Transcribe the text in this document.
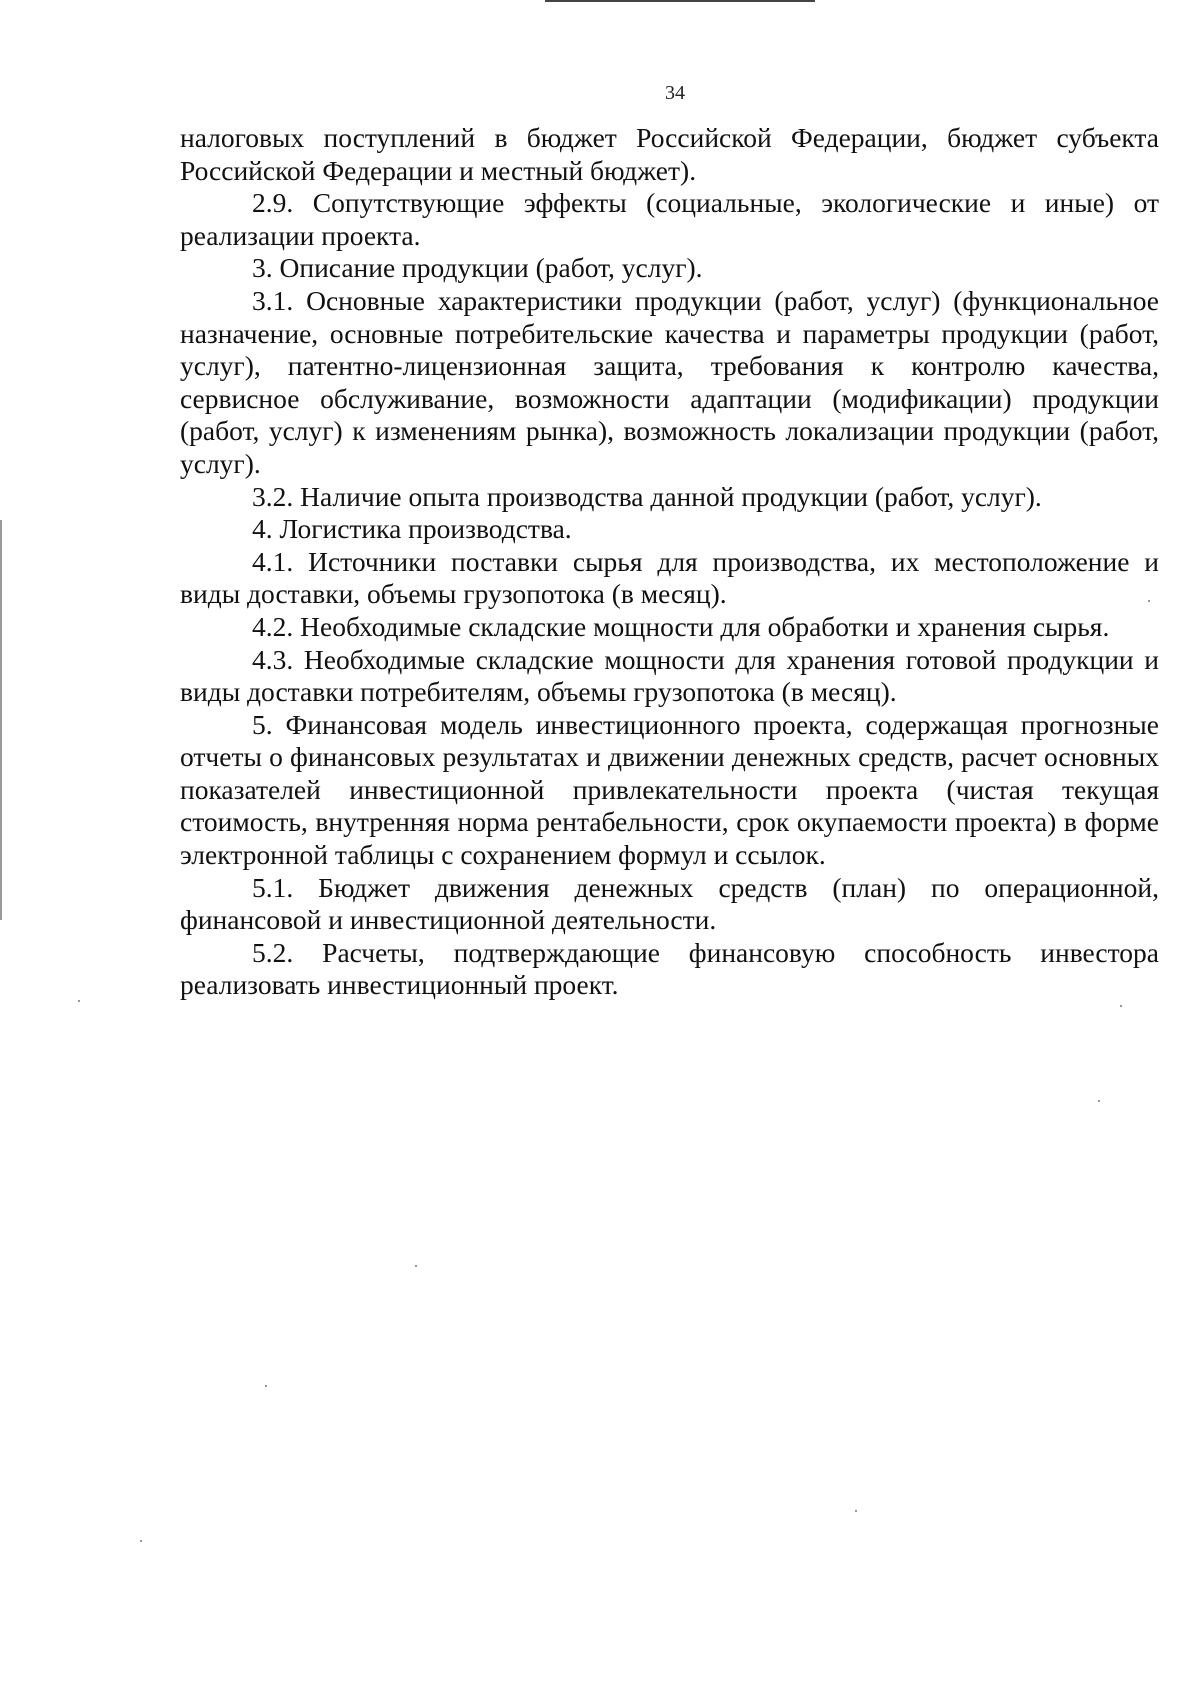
34

налоговых поступлений в бюджет Российской Федерации, бюджет субъекта Российской Федерации и местный бюджет).

2.9. Сопутствующие эффекты (социальные, экологические и иные) от реализации проекта.

3. Описание продукции (работ, услуг).

3.1. Основные характеристики продукции (работ, услуг) (функциональное назначение, основные потребительские качества и параметры продукции (работ, услуг), патентно-лицензионная защита, требования к контролю качества, сервисное обслуживание, возможности адаптации (модификации) продукции (работ, услуг) к изменениям рынка), возможность локализации продукции (работ, услуг).

3.2. Наличие опыта производства данной продукции (работ, услуг).

4. Логистика производства.

4.1. Источники поставки сырья для производства, их местоположение и виды доставки, объемы грузопотока (в месяц).

4.2. Необходимые складские мощности для обработки и хранения сырья.

4.3. Необходимые складские мощности для хранения готовой продукции и виды доставки потребителям, объемы грузопотока (в месяц).

5. Финансовая модель инвестиционного проекта, содержащая прогнозные отчеты о финансовых результатах и движении денежных средств, расчет основных показателей инвестиционной привлекательности проекта (чистая текущая стоимость, внутренняя норма рентабельности, срок окупаемости проекта) в форме электронной таблицы с сохранением формул и ссылок.

5.1. Бюджет движения денежных средств (план) по операционной, финансовой и инвестиционной деятельности.

5.2. Расчеты, подтверждающие финансовую способность инвестора реализовать инвестиционный проект.
